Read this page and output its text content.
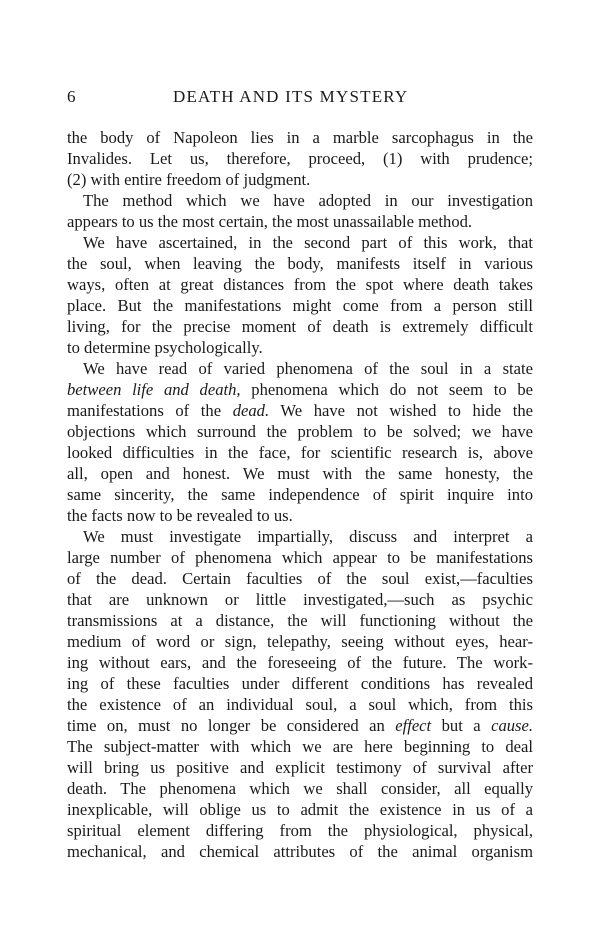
6	DEATH AND ITS MYSTERY
the body of Napoleon lies in a marble sarcophagus in the
Invalides. Let us, therefore, proceed, (1) with prudence;
(2) with entire freedom of judgment.
The method which we have adopted in our investigation
appears to us the most certain, the most unassailable method.
We have ascertained, in the second part of this work, that
the soul, when leaving the body, manifests itself in various
ways, often at great distances from the spot where death takes
place. But the manifestations might come from a person still
living, for the precise moment of death is extremely difficult
to determine psychologically.
We have read of varied phenomena of the soul in a state
between life and death, phenomena which do not seem to be
manifestations of the dead. We have not wished to hide the
objections which surround the problem to be solved; we have
looked difficulties in the face, for scientific research is, above
all, open and honest. We must with the same honesty, the
same sincerity, the same independence of spirit inquire into
the facts now to be revealed to us.
We must investigate impartially, discuss and interpret a
large number of phenomena which appear to be manifestations
of the dead. Certain faculties of the soul exist,—faculties
that are unknown or little investigated,—such as psychic
transmissions at a distance, the will functioning without the
medium of word or sign, telepathy, seeing without eyes, hear-
ing without ears, and the foreseeing of the future. The work-
ing of these faculties under different conditions has revealed
the existence of an individual soul, a soul which, from this
time on, must no longer be considered an effect but a cause.
The subject-matter with which we are here beginning to deal
will bring us positive and explicit testimony of survival after
death. The phenomena which we shall consider, all equally
inexplicable, will oblige us to admit the existence in us of a
spiritual element differing from the physiological, physical,
mechanical, and chemical attributes of the animal organism
